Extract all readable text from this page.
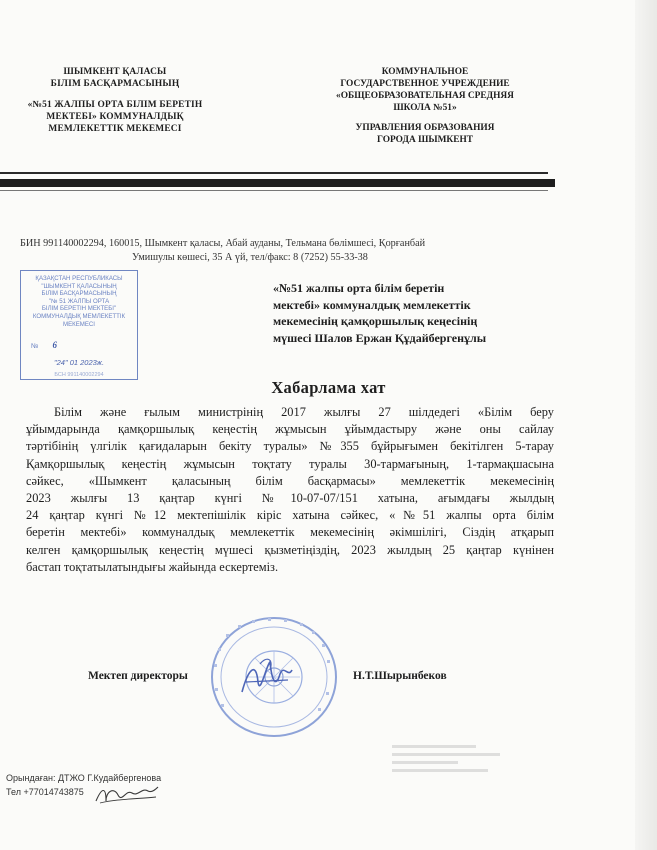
ШЫМКЕНТ ҚАЛАСЫ
БІЛІМ БАСҚАРМАСЫНЫҢ
«№51 ЖАЛПЫ ОРТА БІЛІМ БЕРЕТІН
МЕКТЕБІ» КОММУНАЛДЫҚ
МЕМЛЕКЕТТІК МЕКЕМЕСІ
КОММУНАЛЬНОЕ
ГОСУДАРСТВЕННОЕ УЧРЕЖДЕНИЕ
«ОБЩЕОБРАЗОВАТЕЛЬНАЯ СРЕДНЯЯ
ШКОЛА №51»
УПРАВЛЕНИЯ ОБРАЗОВАНИЯ
ГОРОДА ШЫМКЕНТ
БИН 991140002294, 160015, Шымкент қаласы, Абай ауданы, Тельмана бөлімшесі, Қорғанбай
Умишулы көшесі, 35 А үй, тел/факс: 8 (7252) 55-33-38
ҚАЗАҚСТАН РЕСПУБЛИКАСЫ
"ШЫМКЕНТ ҚАЛАСЫНЫҢ
БІЛІМ БАСҚАРМАСЫНЫҢ
"№ 51 ЖАЛПЫ ОРТА
БІЛІМ БЕРЕТІН МЕКТЕБІ"
КОММУНАЛДЫҚ МЕМЛЕКЕТТІК
МЕКЕМЕСІ
№ 6
"24" 01 2023ж.
БСН 991140002294
«№51 жалпы орта білім беретін
мектебі» коммуналдық мемлекеттік
мекемесінің қамқоршылық кеңесінің
мүшесі Шалов Ержан Құдайбергенұлы
Хабарлама хат
Білім және ғылым министрінің 2017 жылғы 27 шілдедегі «Білім беру
ұйымдарында қамқоршылық кеңестің жұмысын ұйымдастыру және оны сайлау
тәртібінің үлгілік қағидаларын бекіту туралы» №355 бұйрығымен бекітілген 5-тарау
Қамқоршылық кеңестің жұмысын тоқтату туралы 30-тармағының, 1-тармақшасына
сәйкес, «Шымкент қаласының білім басқармасы» мемлекеттік мекемесінің
2023 жылғы 13 қаңтар күнгі №10-07-07/151 хатына, ағымдағы жылдың
24 қаңтар күнгі №12 мектепішілік кіріс хатына сәйкес, «№51 жалпы орта білім
беретін мектебі» коммуналдық мемлекеттік мекемесінің әкімшілігі, Сіздің атқарып
келген қамқоршылық кеңестің мүшесі қызметіңіздің, 2023 жылдың 25 қаңтар күнінен
бастап тоқтатылатындығы жайында ескертеміз.
Мектеп директоры	Н.Т.Шырынбеков
Орындаған: ДТЖО Г.Кудайбергенова
Тел +77014743875
